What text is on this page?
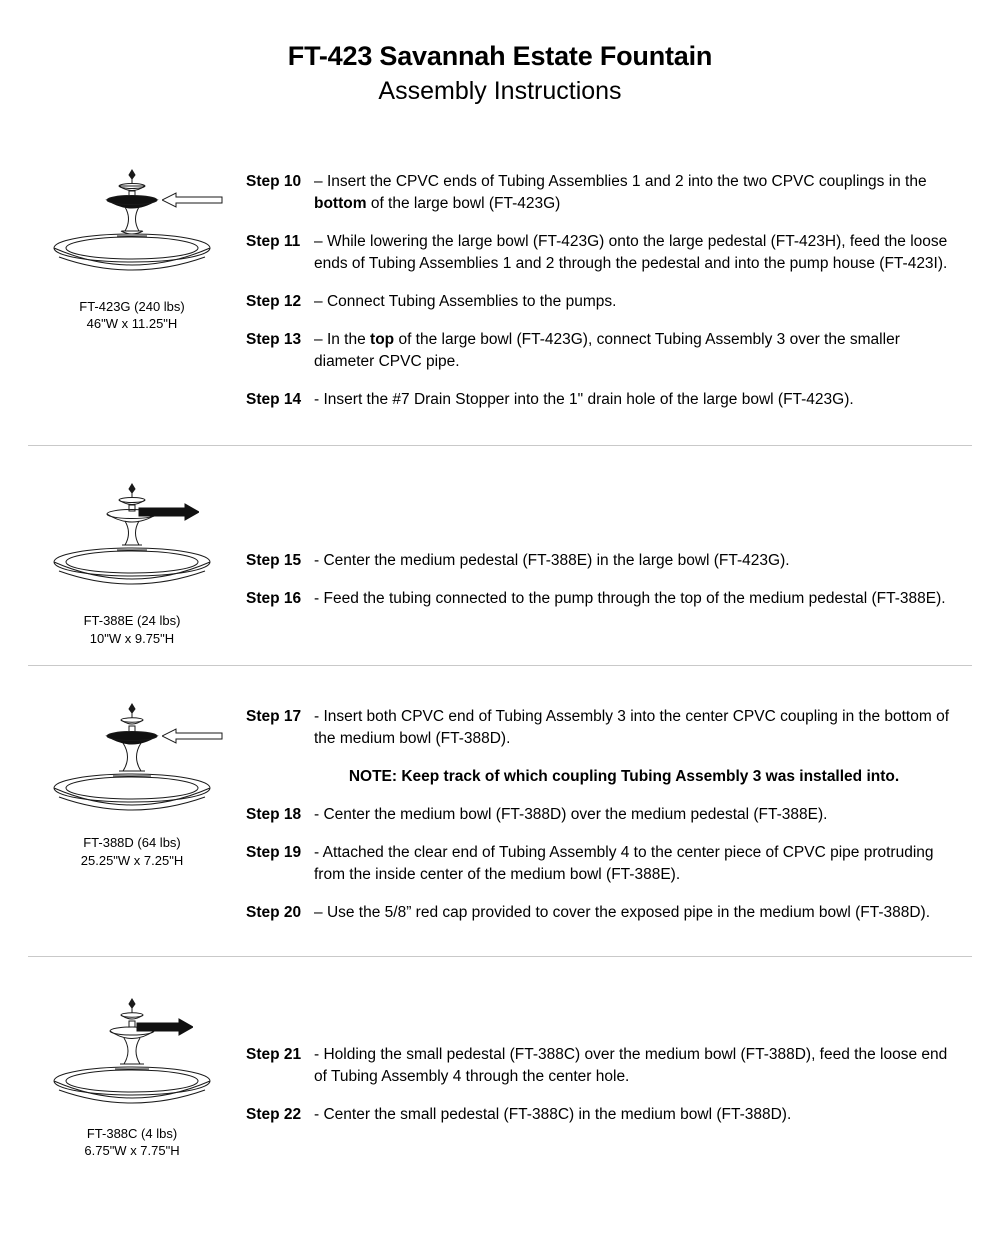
FT-423 Savannah Estate Fountain
Assembly Instructions
FT-423G (240 lbs)
46"W x 11.25"H

Step 10 – Insert the CPVC ends of Tubing Assemblies 1 and 2 into the two CPVC couplings in the bottom of the large bowl (FT-423G)

Step 11 – While lowering the large bowl (FT-423G) onto the large pedestal (FT-423H), feed the loose ends of Tubing Assemblies 1 and 2 through the pedestal and into the pump house (FT-423I).

Step 12 – Connect Tubing Assemblies to the pumps.

Step 13 – In the top of the large bowl (FT-423G), connect Tubing Assembly 3 over the smaller diameter CPVC pipe.

Step 14 - Insert the #7 Drain Stopper into the 1" drain hole of the large bowl (FT-423G).

FT-388E (24 lbs)
10"W x 9.75"H

Step 15 - Center the medium pedestal (FT-388E) in the large bowl (FT-423G).

Step 16 - Feed the tubing connected to the pump through the top of the medium pedestal (FT-388E).

FT-388D (64 lbs)
25.25"W x 7.25"H

Step 17 - Insert both CPVC end of Tubing Assembly 3 into the center CPVC coupling in the bottom of the medium bowl (FT-388D).

NOTE: Keep track of which coupling Tubing Assembly 3 was installed into.

Step 18 - Center the medium bowl (FT-388D) over the medium pedestal (FT-388E).

Step 19 - Attached the clear end of Tubing Assembly 4 to the center piece of CPVC pipe protruding from the inside center of the medium bowl (FT-388E).

Step 20 – Use the 5/8” red cap provided to cover the exposed pipe in the medium bowl (FT-388D).

FT-388C (4 lbs)
6.75"W x 7.75"H

Step 21 - Holding the small pedestal (FT-388C) over the medium bowl (FT-388D), feed the loose end of Tubing Assembly 4 through the center hole.

Step 22 - Center the small pedestal (FT-388C) in the medium bowl (FT-388D).
